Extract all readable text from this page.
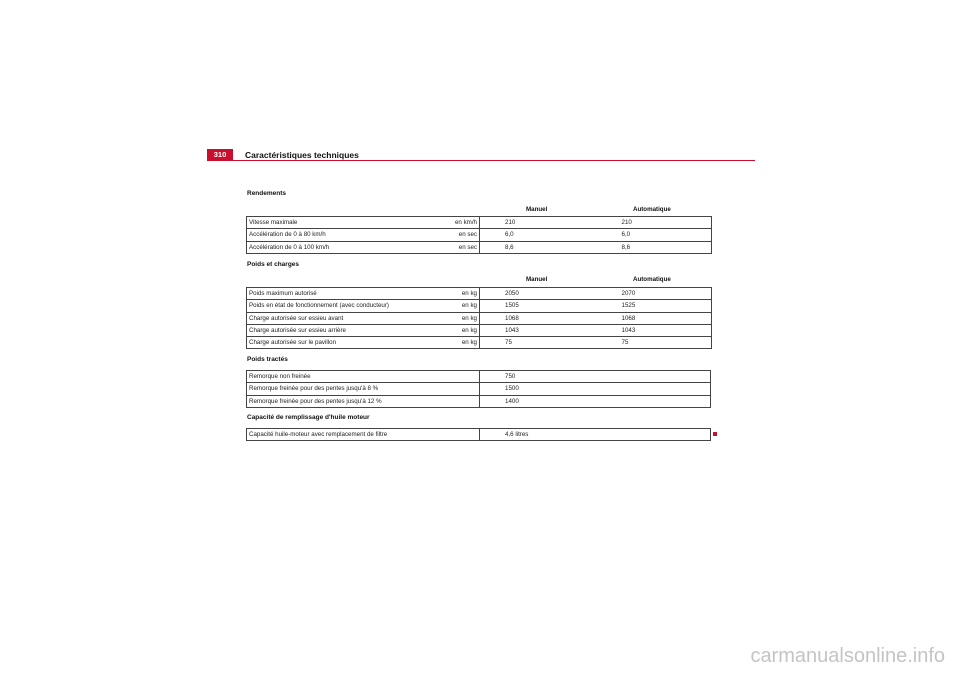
310	Caractéristiques techniques
Rendements
Manuel	Automatique
Vitesse maximale en km/h	210	210

Accélération de 0 à 80 km/h en sec	6,0	6,0

Accélération de 0 à 100 km/h en sec	8,6	8,6
Poids et charges
Manuel	Automatique
Poids maximum autorisé en kg	2050	2070

Poids en état de fonctionnement (avec conducteur) en kg	1505	1525

Charge autorisée sur essieu avant en kg	1068	1068

Charge autorisée sur essieu arrière en kg	1043	1043

Charge autorisée sur le pavillon en kg	75	75
Poids tractés
Remorque non freinée	750
Remorque freinée pour des pentes jusqu'à 8 %	1500
Remorque freinée pour des pentes jusqu'à 12 %	1400
Capacité de remplissage d'huile moteur
Capacité huile-moteur avec remplacement de filtre	4,6 litres
carmanualsonline.info
